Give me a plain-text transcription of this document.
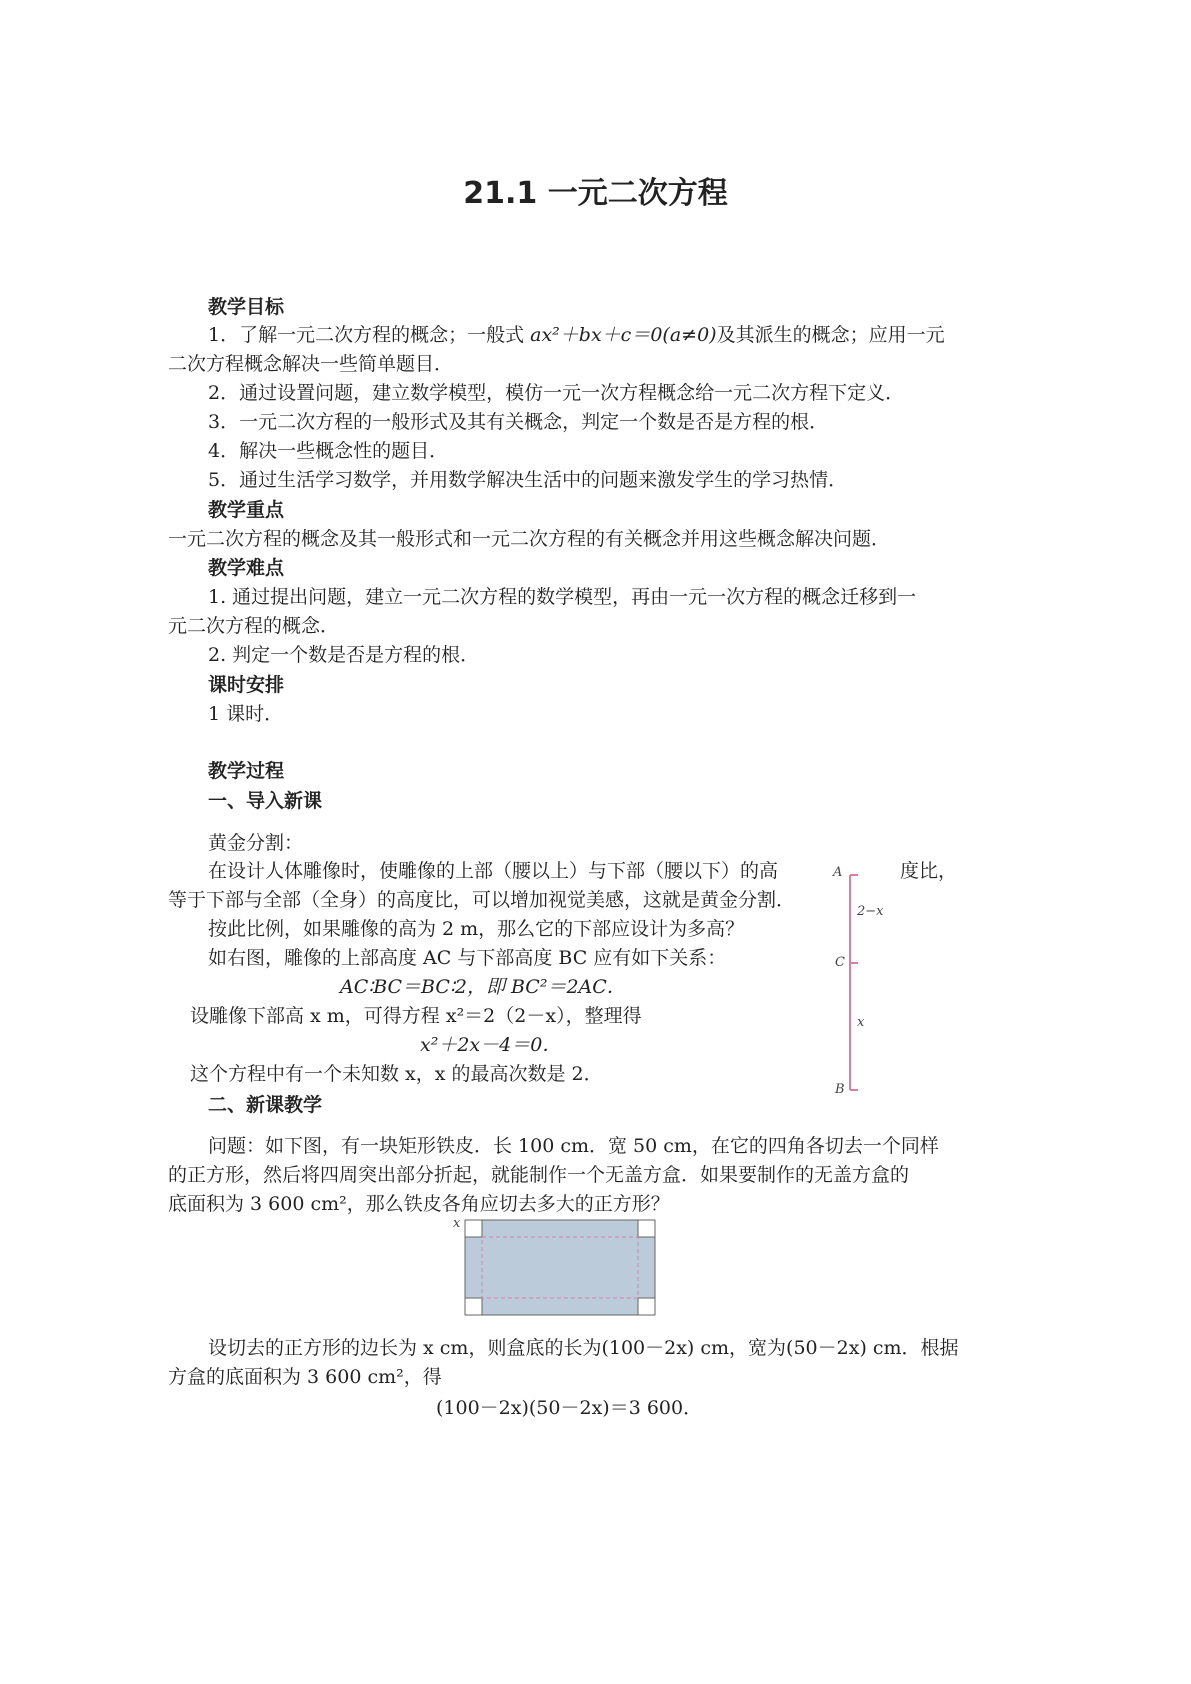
21.1 一元二次方程
教学目标
1．了解一元二次方程的概念；一般式 ax²＋bx＋c＝0(a≠0)及其派生的概念；应用一元
二次方程概念解决一些简单题目．
2．通过设置问题，建立数学模型，模仿一元一次方程概念给一元二次方程下定义．
3．一元二次方程的一般形式及其有关概念，判定一个数是否是方程的根．
4．解决一些概念性的题目．
5．通过生活学习数学，并用数学解决生活中的问题来激发学生的学习热情．
教学重点
一元二次方程的概念及其一般形式和一元二次方程的有关概念并用这些概念解决问题．
教学难点
1. 通过提出问题，建立一元二次方程的数学模型，再由一元一次方程的概念迁移到一
元二次方程的概念．
2. 判定一个数是否是方程的根．
课时安排
1 课时．
教学过程
一、导入新课
黄金分割：
在设计人体雕像时，使雕像的上部（腰以上）与下部（腰以下）的高	度比，
等于下部与全部（全身）的高度比，可以增加视觉美感，这就是黄金分割．
按此比例，如果雕像的高为 2 m，那么它的下部应设计为多高？
如右图，雕像的上部高度 AC 与下部高度 BC 应有如下关系：
AC∶BC＝BC∶2，即 BC²＝2AC．
设雕像下部高 x m，可得方程 x²＝2（2－x），整理得
x²＋2x－4＝0．
这个方程中有一个未知数 x，x 的最高次数是 2．
A
C
B
2−x
x
二、新课教学
问题：如下图，有一块矩形铁皮．长 100 cm．宽 50 cm，在它的四角各切去一个同样
的正方形，然后将四周突出部分折起，就能制作一个无盖方盒．如果要制作的无盖方盒的
底面积为 3 600 cm²，那么铁皮各角应切去多大的正方形？
x
设切去的正方形的边长为 x cm，则盒底的长为(100－2x) cm，宽为(50－2x) cm．根据
方盒的底面积为 3 600 cm²，得
(100－2x)(50－2x)＝3 600．
